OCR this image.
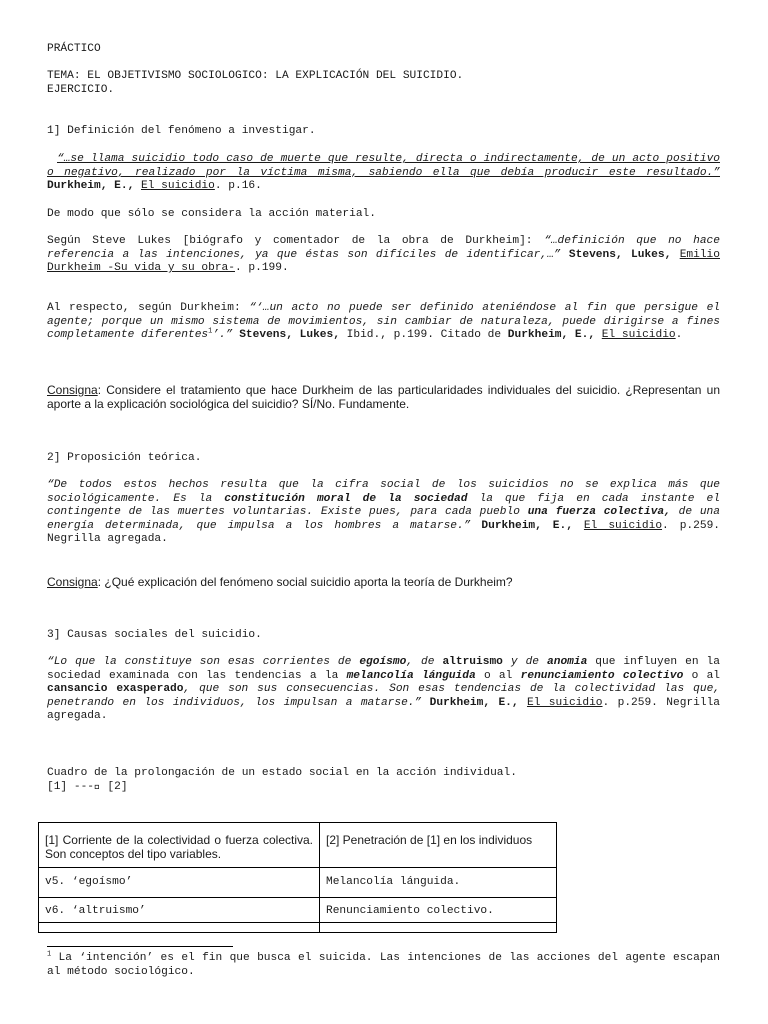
PRÁCTICO

TEMA: EL OBJETIVISMO SOCIOLOGICO: LA EXPLICACIÓN DEL SUICIDIO.

EJERCICIO.

1] Definición del fenómeno a investigar.

“…se llama suicidio todo caso de muerte que resulte, directa o indirectamente, de un acto positivo o negativo, realizado por la víctima misma, sabiendo ella que debía producir este resultado.” Durkheim, E., El suicidio. p.16.

De modo que sólo se considera la acción material.

Según Steve Lukes [biógrafo y comentador de la obra de Durkheim]: “…definición que no hace referencia a las intenciones, ya que éstas son difíciles de identificar,…” Stevens, Lukes, Emilio Durkheim -Su vida y su obra-. p.199.

Al respecto, según Durkheim: “‘…un acto no puede ser definido ateniéndose al fin que persigue el agente; porque un mismo sistema de movimientos, sin cambiar de naturaleza, puede dirigirse a fines completamente diferentes$^1$’.” Stevens, Lukes, Ibid., p.199. Citado de Durkheim, E., El suicidio.

Consigna: Considere el tratamiento que hace Durkheim de las particularidades individuales del suicidio. ¿Representan un aporte a la explicación sociológica del suicidio? SÍ/No. Fundamente.

2] Proposición teórica.

“De todos estos hechos resulta que la cifra social de los suicidios no se explica más que sociológicamente. Es la constitución moral de la sociedad la que fija en cada instante el contingente de las muertes voluntarias. Existe pues, para cada pueblo una fuerza colectiva, de una energía determinada, que impulsa a los hombres a matarse.” Durkheim, E., El suicidio. p.259. Negrilla agregada.

Consigna: ¿Qué explicación del fenómeno social suicidio aporta la teoría de Durkheim?

3] Causas sociales del suicidio.

“Lo que la constituye son esas corrientes de egoísmo, de altruismo y de anomia que influyen en la sociedad examinada con las tendencias a la melancolía lánguida o al renunciamiento colectivo o al cansancio exasperado, que son sus consecuencias. Son esas tendencias de la colectividad las que, penetrando en los individuos, los impulsan a matarse.” Durkheim, E., El suicidio. p.259. Negrilla agregada.

Cuadro de la prolongación de un estado social en la acción individual.

[1] ---  [2]

[1] Corriente de la colectividad o fuerza colectiva. Son conceptos del tipo variables.	[2] Penetración de [1] en los individuos
v5. ‘egoísmo’	Melancolía lánguida.
v6. ‘altruismo’	Renunciamiento colectivo.

$^1$ La ‘intención’ es el fin que busca el suicida. Las intenciones de las acciones del agente escapan al método sociológico.
